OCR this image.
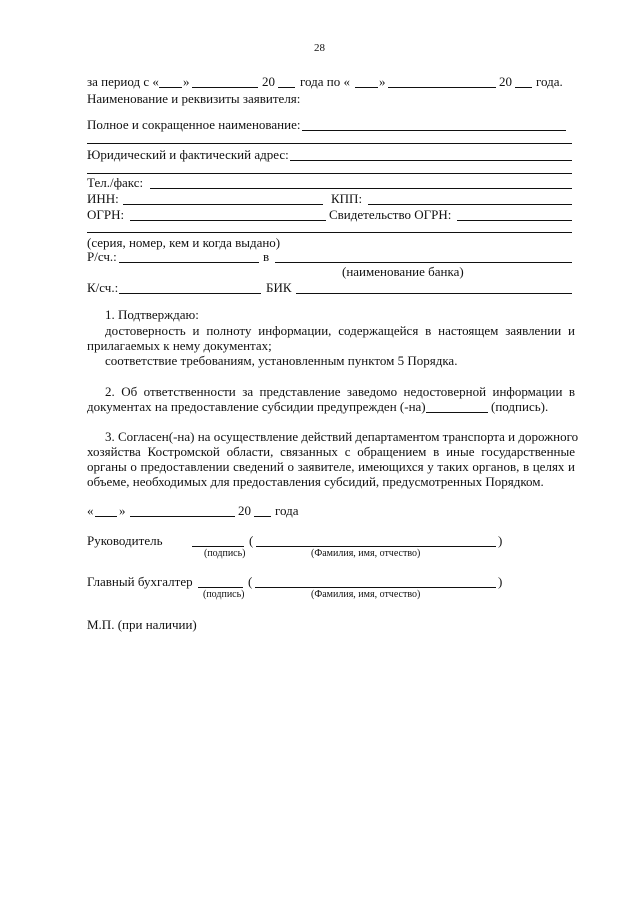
28
за период с « »	20 года по « »	20 года.
Наименование и реквизиты заявителя:
Полное и сокращенное наименование:
Юридический и фактический адрес:
Тел./факс:
ИНН:	КПП:
ОГРН:	Свидетельство ОГРН:
(серия, номер, кем и когда выдано)
Р/сч.:	в
(наименование банка)
К/сч.:	БИК
1. Подтверждаю:
достоверность и полноту информации, содержащейся в настоящем заявлении и
прилагаемых к нему документах;
соответствие требованиям, установленным пунктом 5 Порядка.
2. Об ответственности за представление заведомо недостоверной информации в
документах на предоставление субсидии предупрежден (-на)	(подпись).
3. Согласен(-на) на осуществление действий департаментом транспорта и дорожного
хозяйства Костромской области, связанных с обращением в иные государственные
органы о предоставлении сведений о заявителе, имеющихся у таких органов, в целях и
объеме, необходимых для предоставления субсидий, предусмотренных Порядком.
« »	20 года
Руководитель	(	)
(подпись)	(Фамилия, имя, отчество)
Главный бухгалтер	(	)
(подпись)	(Фамилия, имя, отчество)
М.П. (при наличии)
